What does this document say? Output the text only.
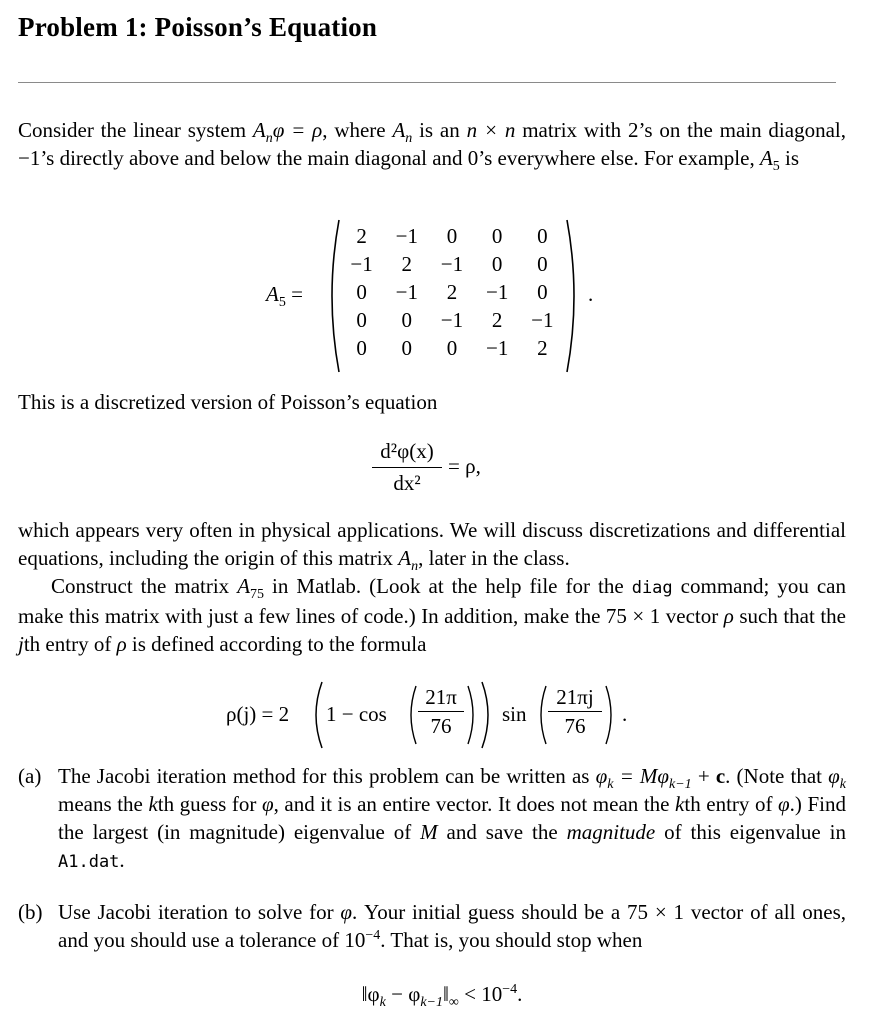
Problem 1: Poisson’s Equation
Consider the linear system $A_n\varphi = \rho$, where $A_n$ is an n × n matrix with 2’s on the main diagonal, −1’s directly above and below the main diagonal and 0’s everywhere else. For example, $A_5$ is
$A_5$ =
2	−1	0	0	0
−1	2	−1	0	0
0	−1	2	−1	0
0	0	−1	2	−1
0	0	0	−1	2
.
This is a discretized version of Poisson’s equation
d²φ(x)
dx²
= ρ,
which appears very often in physical applications. We will discuss discretizations and differential equations, including the origin of this matrix $A_n$, later in the class.
Construct the matrix $A_{75}$ in Matlab. (Look at the help file for the diag command; you can make this matrix with just a few lines of code.) In addition, make the 75 × 1 vector ρ such that the jth entry of ρ is defined according to the formula
ρ(j) = 2 1 − cos
21π
76	sin
21πj
76	.
(a) The Jacobi iteration method for this problem can be written as $\varphi_k = M\varphi_{k-1} + c$. (Note that $\varphi_k$ means the kth guess for φ, and it is an entire vector. It does not mean the kth entry of φ.) Find the largest (in magnitude) eigenvalue of M and save the magnitude of this eigenvalue in A1.dat.
(b) Use Jacobi iteration to solve for φ. Your initial guess should be a 75 × 1 vector of all ones, and you should use a tolerance of $10^{-4}$. That is, you should stop when
$‖\varphi_k$ − $\varphi_{k-1}‖_\infty < 10^{-4}$.
